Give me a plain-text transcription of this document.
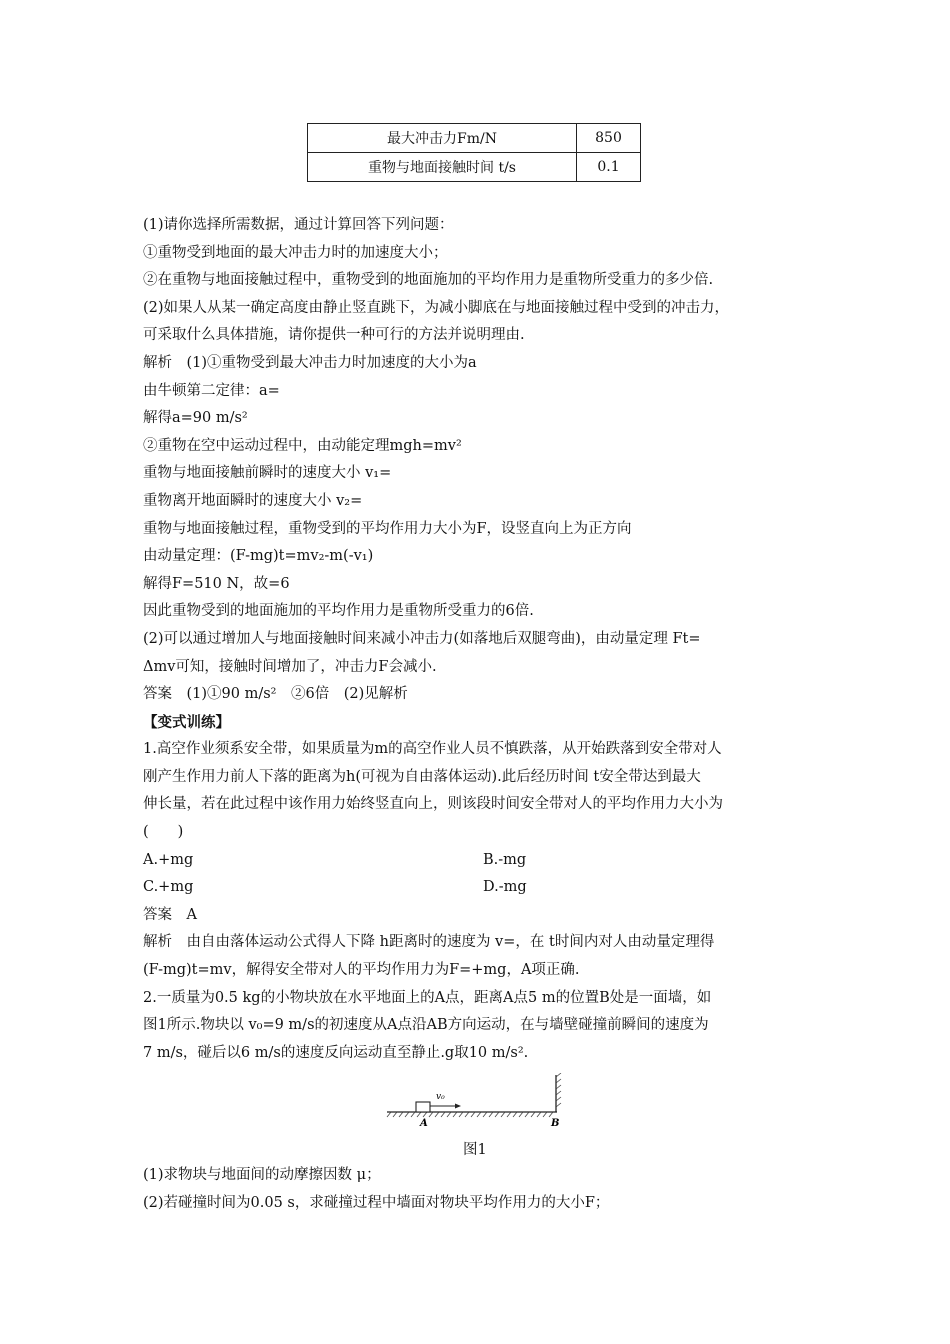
最大冲击力Fm/N	850
重物与地面接触时间 t/s	0.1
(1)请你选择所需数据，通过计算回答下列问题：
①重物受到地面的最大冲击力时的加速度大小；
②在重物与地面接触过程中，重物受到的地面施加的平均作用力是重物所受重力的多少倍.
(2)如果人从某一确定高度由静止竖直跳下，为减小脚底在与地面接触过程中受到的冲击力，
可采取什么具体措施，请你提供一种可行的方法并说明理由.
解析　(1)①重物受到最大冲击力时加速度的大小为a
由牛顿第二定律：a=
解得a=90 m/s²
②重物在空中运动过程中，由动能定理mgh=mv²
重物与地面接触前瞬时的速度大小 v₁=
重物离开地面瞬时的速度大小 v₂=
重物与地面接触过程，重物受到的平均作用力大小为F，设竖直向上为正方向
由动量定理：(F-mg)t=mv₂-m(-v₁)
解得F=510 N，故=6
因此重物受到的地面施加的平均作用力是重物所受重力的6倍.
(2)可以通过增加人与地面接触时间来减小冲击力(如落地后双腿弯曲)，由动量定理 Ft=
Δmv可知，接触时间增加了，冲击力F会减小.
答案　(1)①90 m/s²　②6倍　(2)见解析
【变式训练】
1.高空作业须系安全带，如果质量为m的高空作业人员不慎跌落，从开始跌落到安全带对人
刚产生作用力前人下落的距离为h(可视为自由落体运动).此后经历时间 t安全带达到最大
伸长量，若在此过程中该作用力始终竖直向上，则该段时间安全带对人的平均作用力大小为
(　　)
A.+mg	B.-mg
C.+mg	D.-mg
答案　A
解析　由自由落体运动公式得人下降 h距离时的速度为 v=，在 t时间内对人由动量定理得
(F-mg)t=mv，解得安全带对人的平均作用力为F=+mg，A项正确.
2.一质量为0.5 kg的小物块放在水平地面上的A点，距离A点5 m的位置B处是一面墙，如
图1所示.物块以 v₀=9 m/s的初速度从A点沿AB方向运动，在与墙壁碰撞前瞬间的速度为
7 m/s，碰后以6 m/s的速度反向运动直至静止.g取10 m/s².
v₀
A	B
图1
(1)求物块与地面间的动摩擦因数 μ；
(2)若碰撞时间为0.05 s，求碰撞过程中墙面对物块平均作用力的大小F；
